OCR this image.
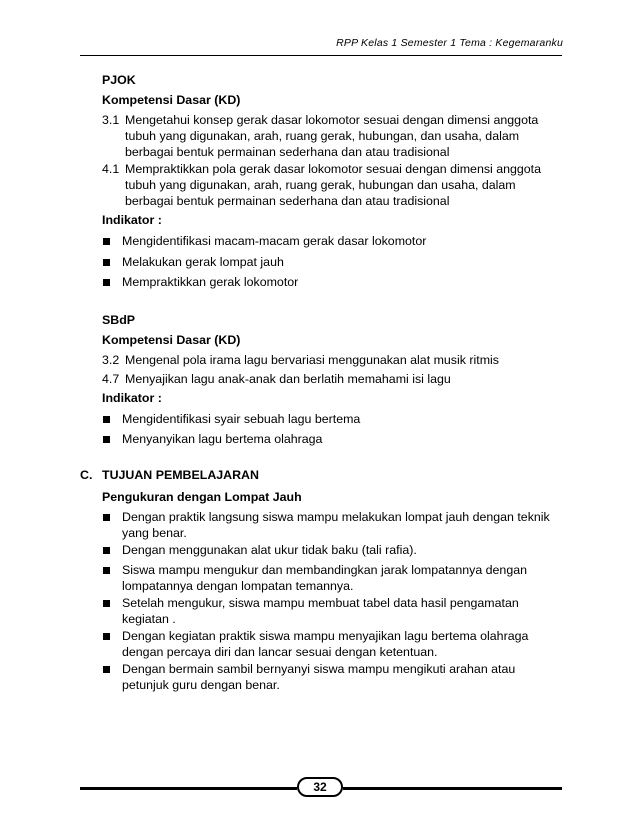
RPP Kelas 1 Semester 1 Tema : Kegemaranku
PJOK
Kompetensi Dasar (KD)
3.1 Mengetahui konsep gerak dasar lokomotor sesuai dengan dimensi anggota
tubuh yang digunakan, arah, ruang gerak, hubungan, dan usaha, dalam
berbagai bentuk permainan sederhana dan atau tradisional
4.1 Mempraktikkan pola gerak dasar lokomotor sesuai dengan dimensi anggota
tubuh yang digunakan, arah, ruang gerak, hubungan dan usaha, dalam
berbagai bentuk permainan sederhana dan atau tradisional
Indikator :
Mengidentifikasi macam-macam gerak dasar lokomotor
Melakukan gerak lompat jauh
Mempraktikkan gerak lokomotor
SBdP
Kompetensi Dasar (KD)
3.2 Mengenal pola irama lagu bervariasi menggunakan alat musik ritmis
4.7 Menyajikan lagu anak-anak dan berlatih memahami isi lagu
Indikator :
Mengidentifikasi syair sebuah lagu bertema
Menyanyikan lagu bertema olahraga
C. TUJUAN PEMBELAJARAN
Pengukuran dengan Lompat Jauh
Dengan praktik langsung siswa mampu melakukan lompat jauh dengan teknik
yang benar.
Dengan menggunakan alat ukur tidak baku (tali rafia).
Siswa mampu mengukur dan membandingkan jarak lompatannya dengan
lompatannya dengan lompatan temannya.
Setelah mengukur, siswa mampu membuat tabel data hasil pengamatan
kegiatan .
Dengan kegiatan praktik siswa mampu menyajikan lagu bertema olahraga
dengan percaya diri dan lancar sesuai dengan ketentuan.
Dengan bermain sambil bernyanyi siswa mampu mengikuti arahan atau
petunjuk guru dengan benar.
32
